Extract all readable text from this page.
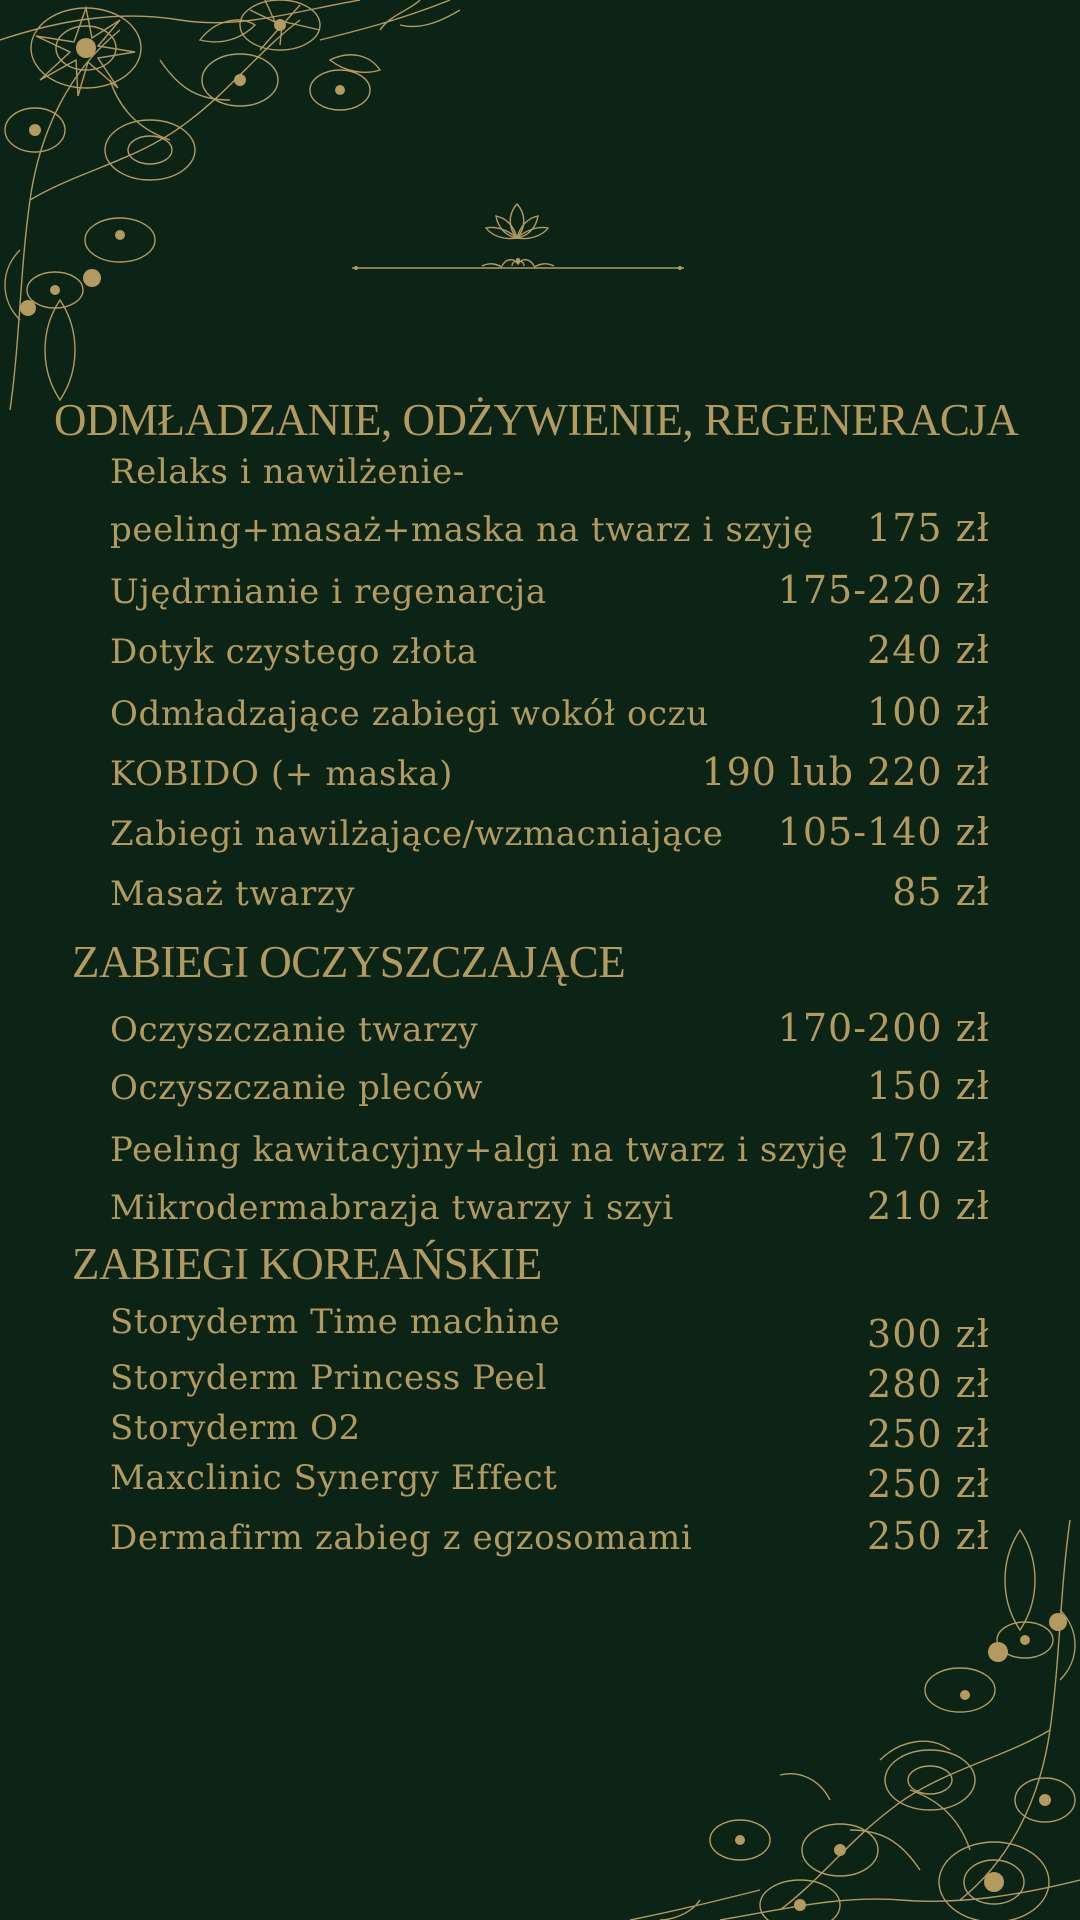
ODMŁADZANIE, ODŻYWIENIE, REGENERACJA
Relaks i nawilżenie-
peeling+masaż+maska na twarz i szyję 175 zł
Ujędrnianie i regenarcja	175-220 zł
Dotyk czystego złota	240 zł
Odmładzające zabiegi wokół oczu	100 zł
KOBIDO (+ maska)	190 lub 220 zł
Zabiegi nawilżające/wzmacniające 105-140 zł
Masaż twarzy	85 zł
ZABIEGI OCZYSZCZAJĄCE
Oczyszczanie twarzy	170-200 zł
Oczyszczanie pleców	150 zł
Peeling kawitacyjny+algi na twarz i szyję 170 zł
Mikrodermabrazja twarzy i szyi	210 zł
ZABIEGI KOREAŃSKIE
Storyderm Time machine	300 zł
Storyderm Princess Peel	280 zł
Storyderm O2	250 zł
Maxclinic Synergy Effect	250 zł
Dermafirm zabieg z egzosomami	250 zł
